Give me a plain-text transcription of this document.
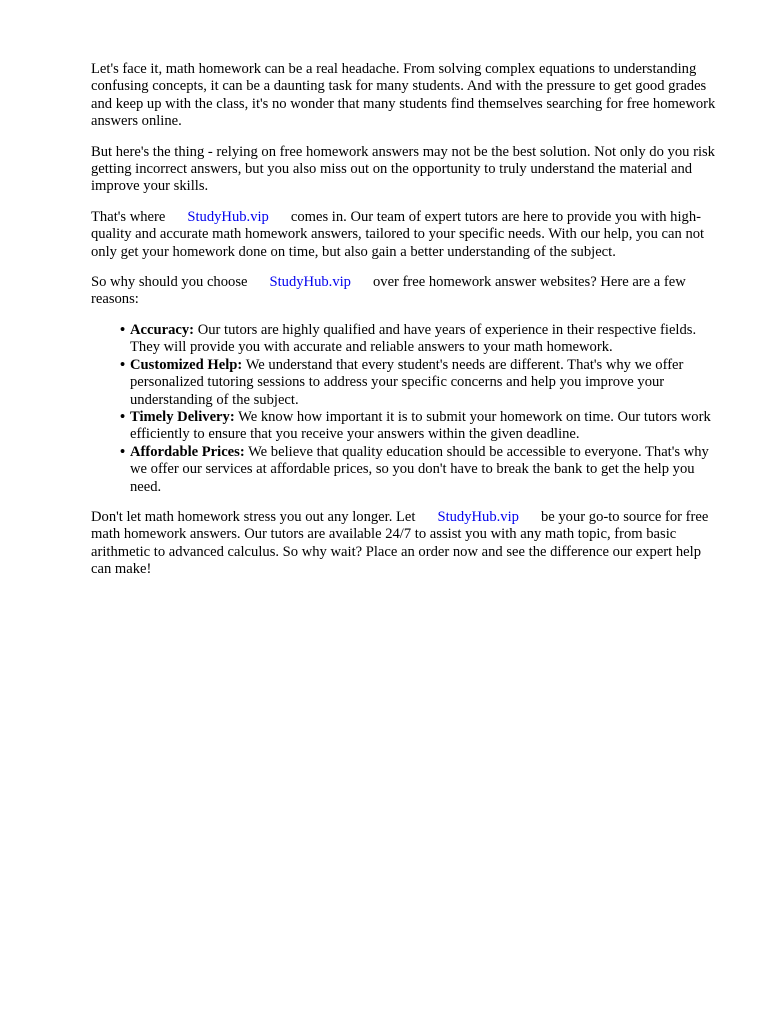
Let's face it, math homework can be a real headache. From solving complex equations to understanding confusing concepts, it can be a daunting task for many students. And with the pressure to get good grades and keep up with the class, it's no wonder that many students find themselves searching for free homework answers online.

But here's the thing - relying on free homework answers may not be the best solution. Not only do you risk getting incorrect answers, but you also miss out on the opportunity to truly understand the material and improve your skills.

That's where StudyHub.vip comes in. Our team of expert tutors are here to provide you with high-quality and accurate math homework answers, tailored to your specific needs. With our help, you can not only get your homework done on time, but also gain a better understanding of the subject.

So why should you choose StudyHub.vip over free homework answer websites? Here are a few reasons:

• Accuracy: Our tutors are highly qualified and have years of experience in their respective fields. They will provide you with accurate and reliable answers to your math homework.
• Customized Help: We understand that every student's needs are different. That's why we offer personalized tutoring sessions to address your specific concerns and help you improve your understanding of the subject.
• Timely Delivery: We know how important it is to submit your homework on time. Our tutors work efficiently to ensure that you receive your answers within the given deadline.
• Affordable Prices: We believe that quality education should be accessible to everyone. That's why we offer our services at affordable prices, so you don't have to break the bank to get the help you need.

Don't let math homework stress you out any longer. Let StudyHub.vip be your go-to source for free math homework answers. Our tutors are available 24/7 to assist you with any math topic, from basic arithmetic to advanced calculus. So why wait? Place an order now and see the difference our expert help can make!
